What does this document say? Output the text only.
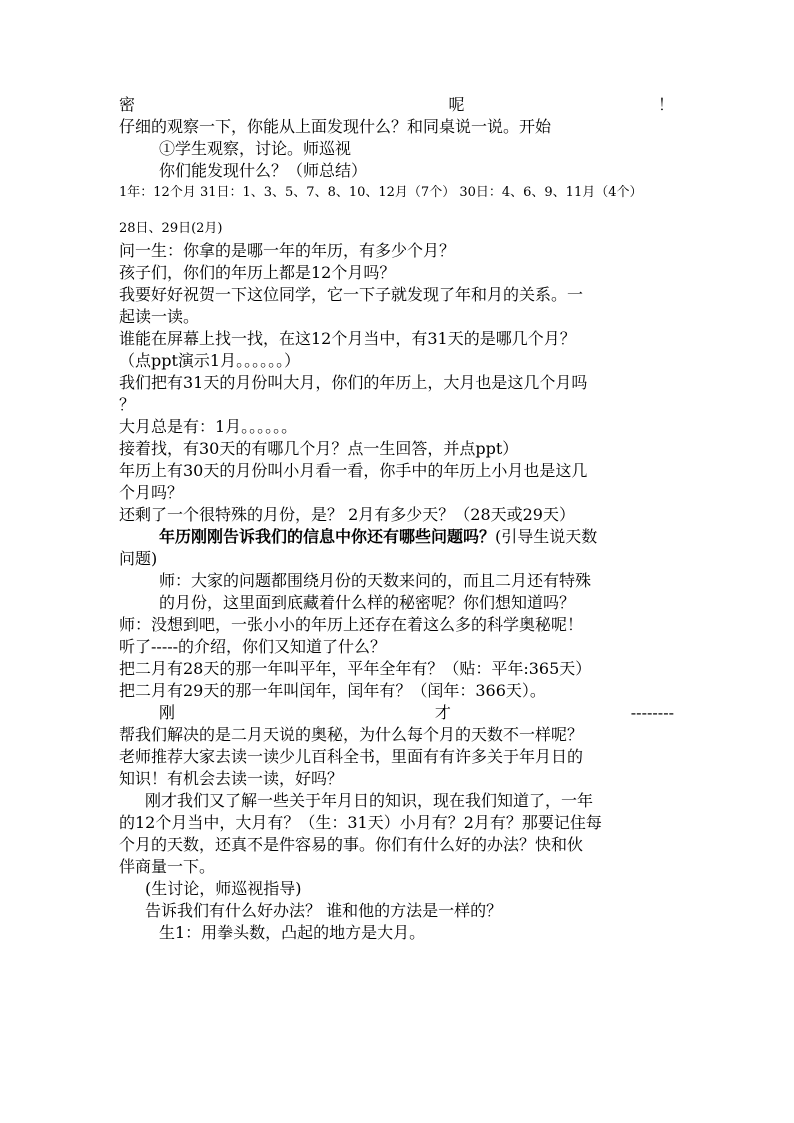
密	呢	！
仔细的观察一下，你能从上面发现什么？和同桌说一说。开始
①学生观察，讨论。师巡视
你们能发现什么？（师总结）
1年：12个月 31日：1、3、5、7、8、10、12月（7个） 30日：4、6、9、11月（4个）
28日、29日(2月)
问一生：你拿的是哪一年的年历，有多少个月？
孩子们，你们的年历上都是12个月吗？
我要好好祝贺一下这位同学，它一下子就发现了年和月的关系。一
起读一读。
谁能在屏幕上找一找，在这12个月当中，有31天的是哪几个月？
（点ppt演示1月。。。。。。）
我们把有31天的月份叫大月，你们的年历上，大月也是这几个月吗
？
大月总是有：1月。。。。。。
接着找，有30天的有哪几个月？点一生回答，并点ppt）
年历上有30天的月份叫小月看一看，你手中的年历上小月也是这几
个月吗？
还剩了一个很特殊的月份，是？ 2月有多少天？（28天或29天）
年历刚刚告诉我们的信息中你还有哪些问题吗？(引导生说天数
问题)
师：大家的问题都围绕月份的天数来问的，而且二月还有特殊
的月份，这里面到底藏着什么样的秘密呢？你们想知道吗？
师：没想到吧，一张小小的年历上还存在着这么多的科学奥秘呢！
听了-----的介绍，你们又知道了什么？
把二月有28天的那一年叫平年，平年全年有？（贴：平年:365天）
把二月有29天的那一年叫闰年，闰年有？（闰年：366天）。
刚	才	--------
帮我们解决的是二月天说的奥秘，为什么每个月的天数不一样呢？
老师推荐大家去读一读少儿百科全书，里面有有许多关于年月日的
知识！有机会去读一读，好吗？
刚才我们又了解一些关于年月日的知识，现在我们知道了，一年
的12个月当中，大月有？（生：31天）小月有？2月有？那要记住每
个月的天数，还真不是件容易的事。你们有什么好的办法？快和伙
伴商量一下。
(生讨论，师巡视指导)
告诉我们有什么好办法？ 谁和他的方法是一样的？
生1：用拳头数，凸起的地方是大月。
